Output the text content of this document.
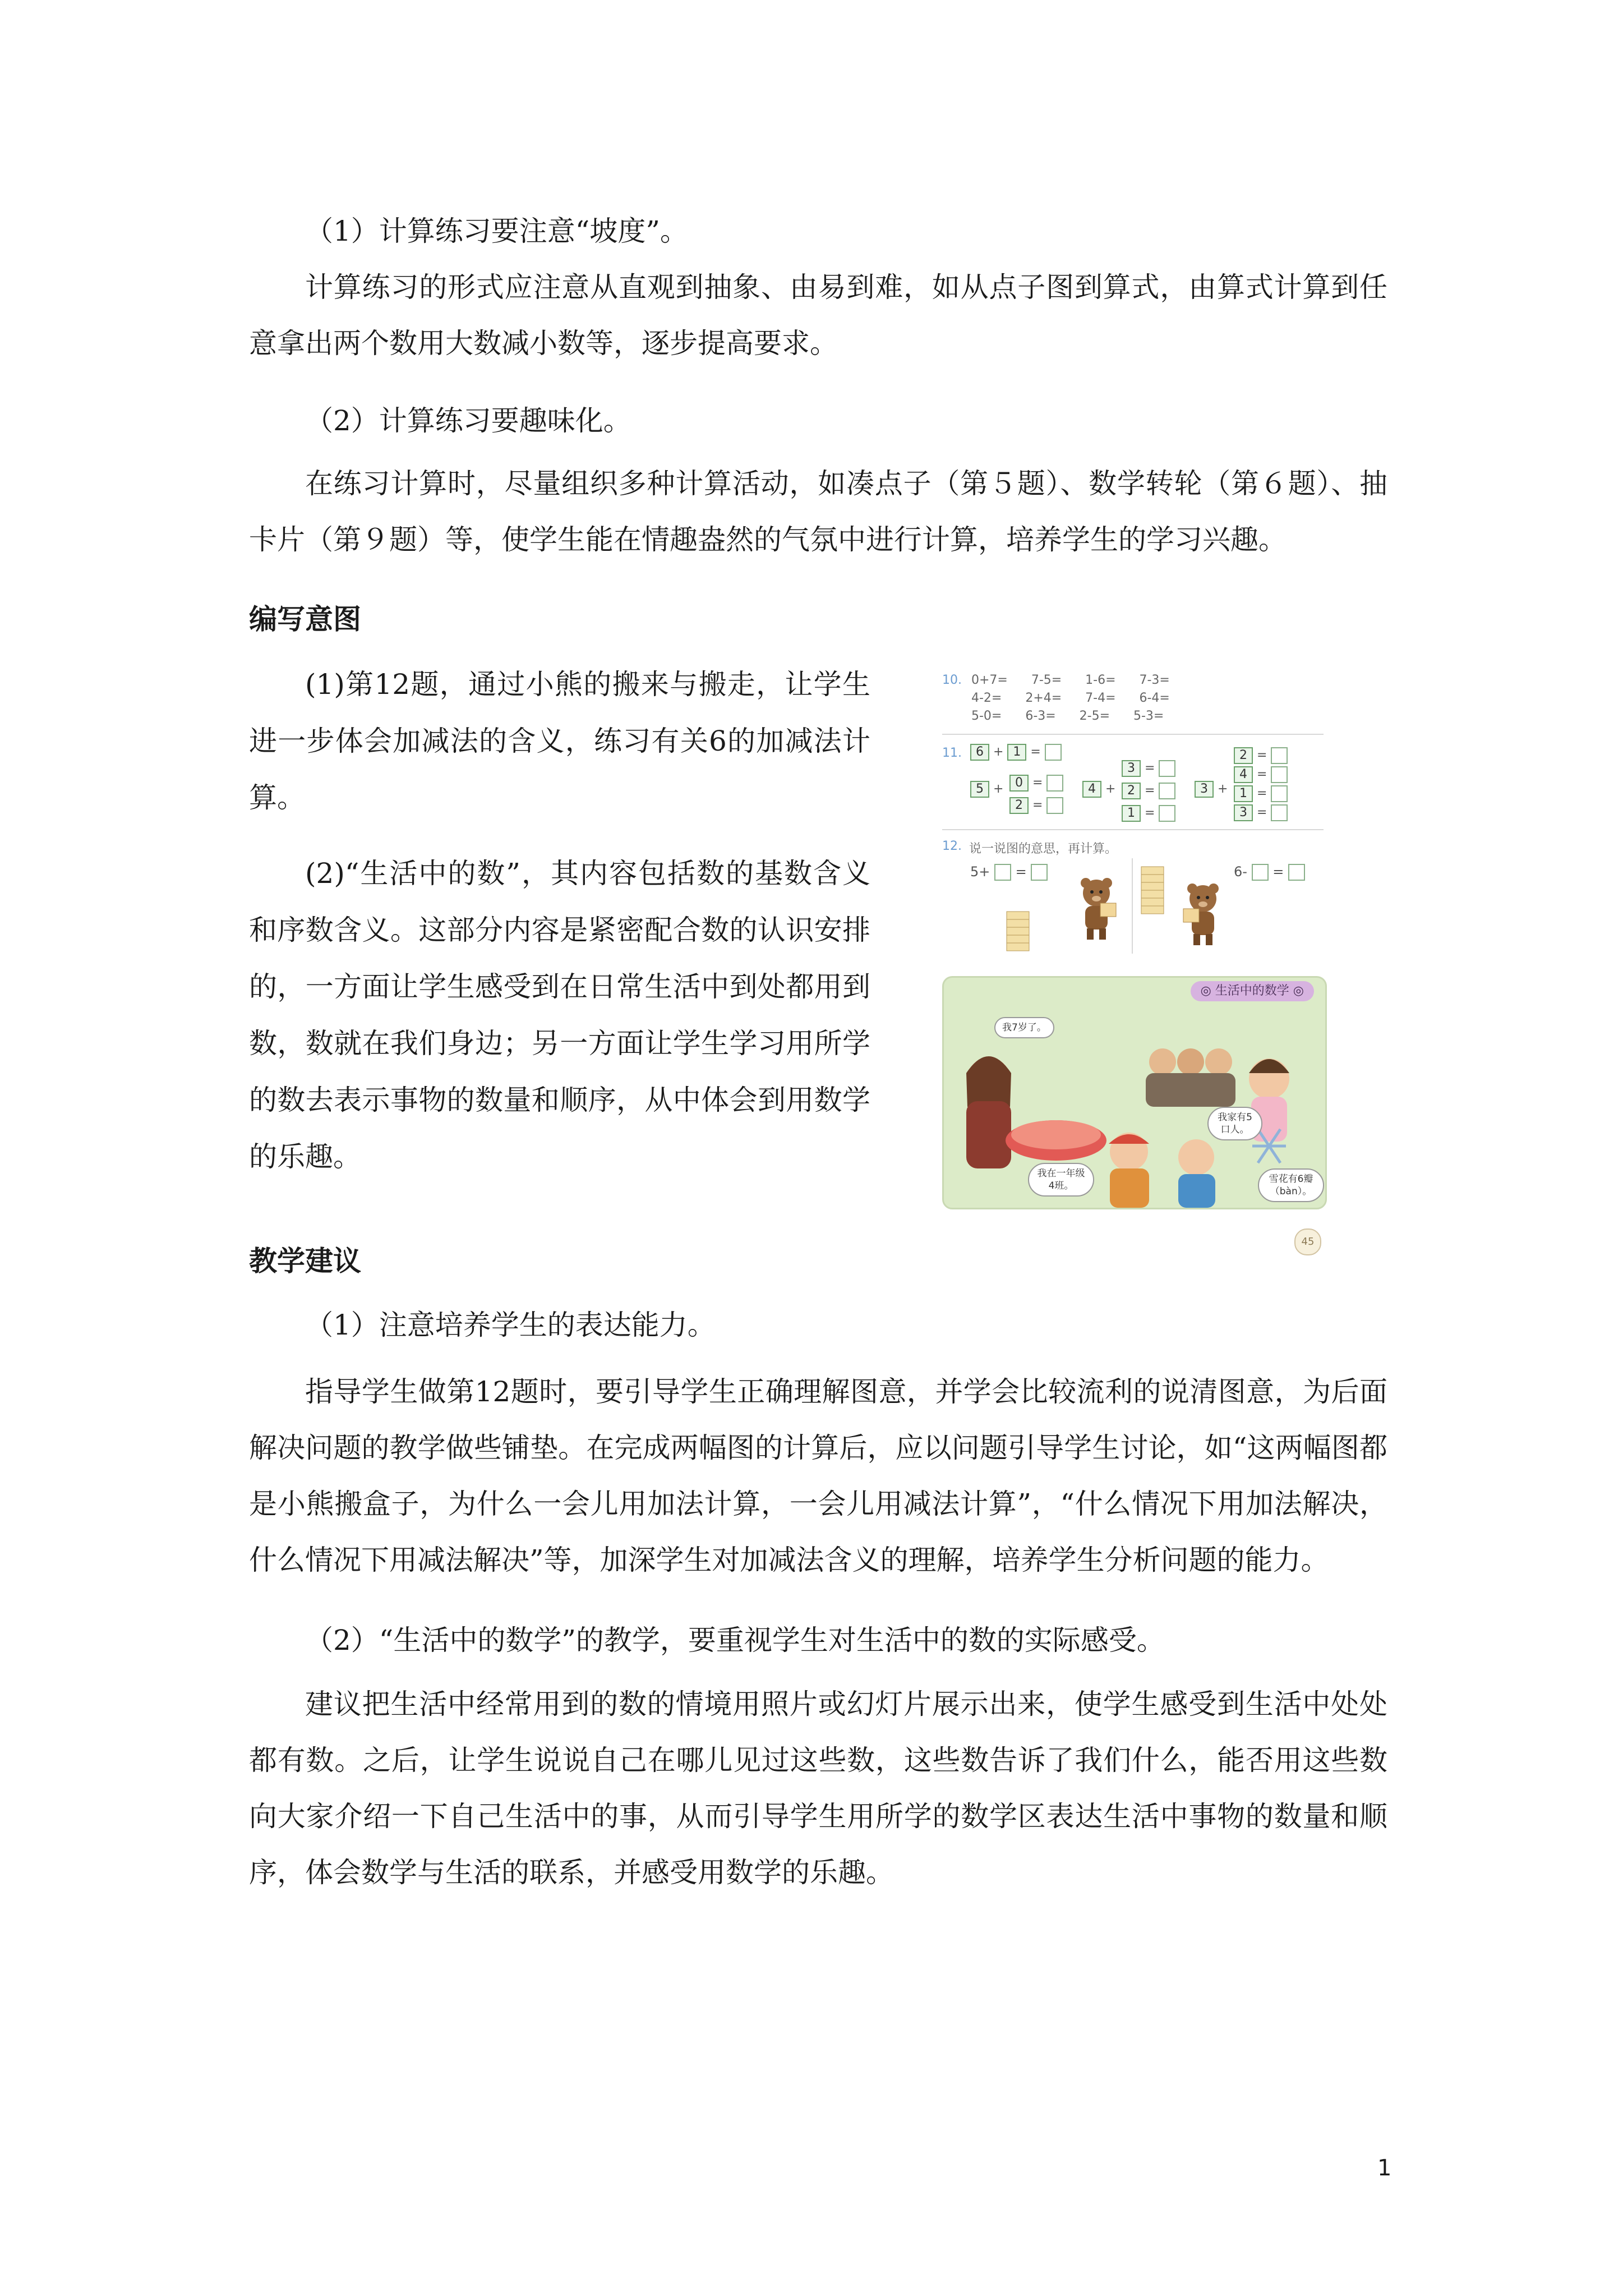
（1）计算练习要注意“坡度”。

计算练习的形式应注意从直观到抽象、由易到难，如从点子图到算式，由算式计算到任意拿出两个数用大数减小数等，逐步提高要求。

（2）计算练习要趣味化。

在练习计算时，尽量组织多种计算活动，如凑点子（第５题）、数学转轮（第６题）、抽卡片（第９题）等，使学生能在情趣盎然的气氛中进行计算，培养学生的学习兴趣。

编写意图

(1)第12题，通过小熊的搬来与搬走，让学生进一步体会加减法的含义，练习有关6的加减法计算。

(2)“生活中的数”，其内容包括数的基数含义和序数含义。这部分内容是紧密配合数的认识安排的，一方面让学生感受到在日常生活中到处都用到数，数就在我们身边；另一方面让学生学习用所学的数去表示事物的数量和顺序，从中体会到用数学的乐趣。

10. 0+7=      7-5=      1-6=      7-3=
4-2=      2+4=      7-4=      6-4=
5-0=      6-3=      2-5=      5-3=
11.	6 + 1 =
5 + 0 =
2 =
4 +
3 =
2 =
1 =
3 +
2 =
4 =
1 =
3 =
12. 说一说图的意思，再计算。
5+  =	6-  =
◎ 生活中的数学 ◎
我7岁了。
我家有5口人。
我在一年级4班。
雪花有6瓣（bàn）。
45

教学建议

（1）注意培养学生的表达能力。

指导学生做第12题时，要引导学生正确理解图意，并学会比较流利的说清图意，为后面解决问题的教学做些铺垫。在完成两幅图的计算后，应以问题引导学生讨论，如“这两幅图都是小熊搬盒子，为什么一会儿用加法计算，一会儿用减法计算”，“什么情况下用加法解决，什么情况下用减法解决”等，加深学生对加减法含义的理解，培养学生分析问题的能力。

（2）“生活中的数学”的教学，要重视学生对生活中的数的实际感受。

建议把生活中经常用到的数的情境用照片或幻灯片展示出来，使学生感受到生活中处处都有数。之后，让学生说说自己在哪儿见过这些数，这些数告诉了我们什么，能否用这些数向大家介绍一下自己生活中的事，从而引导学生用所学的数学区表达生活中事物的数量和顺序，体会数学与生活的联系，并感受用数学的乐趣。

1
